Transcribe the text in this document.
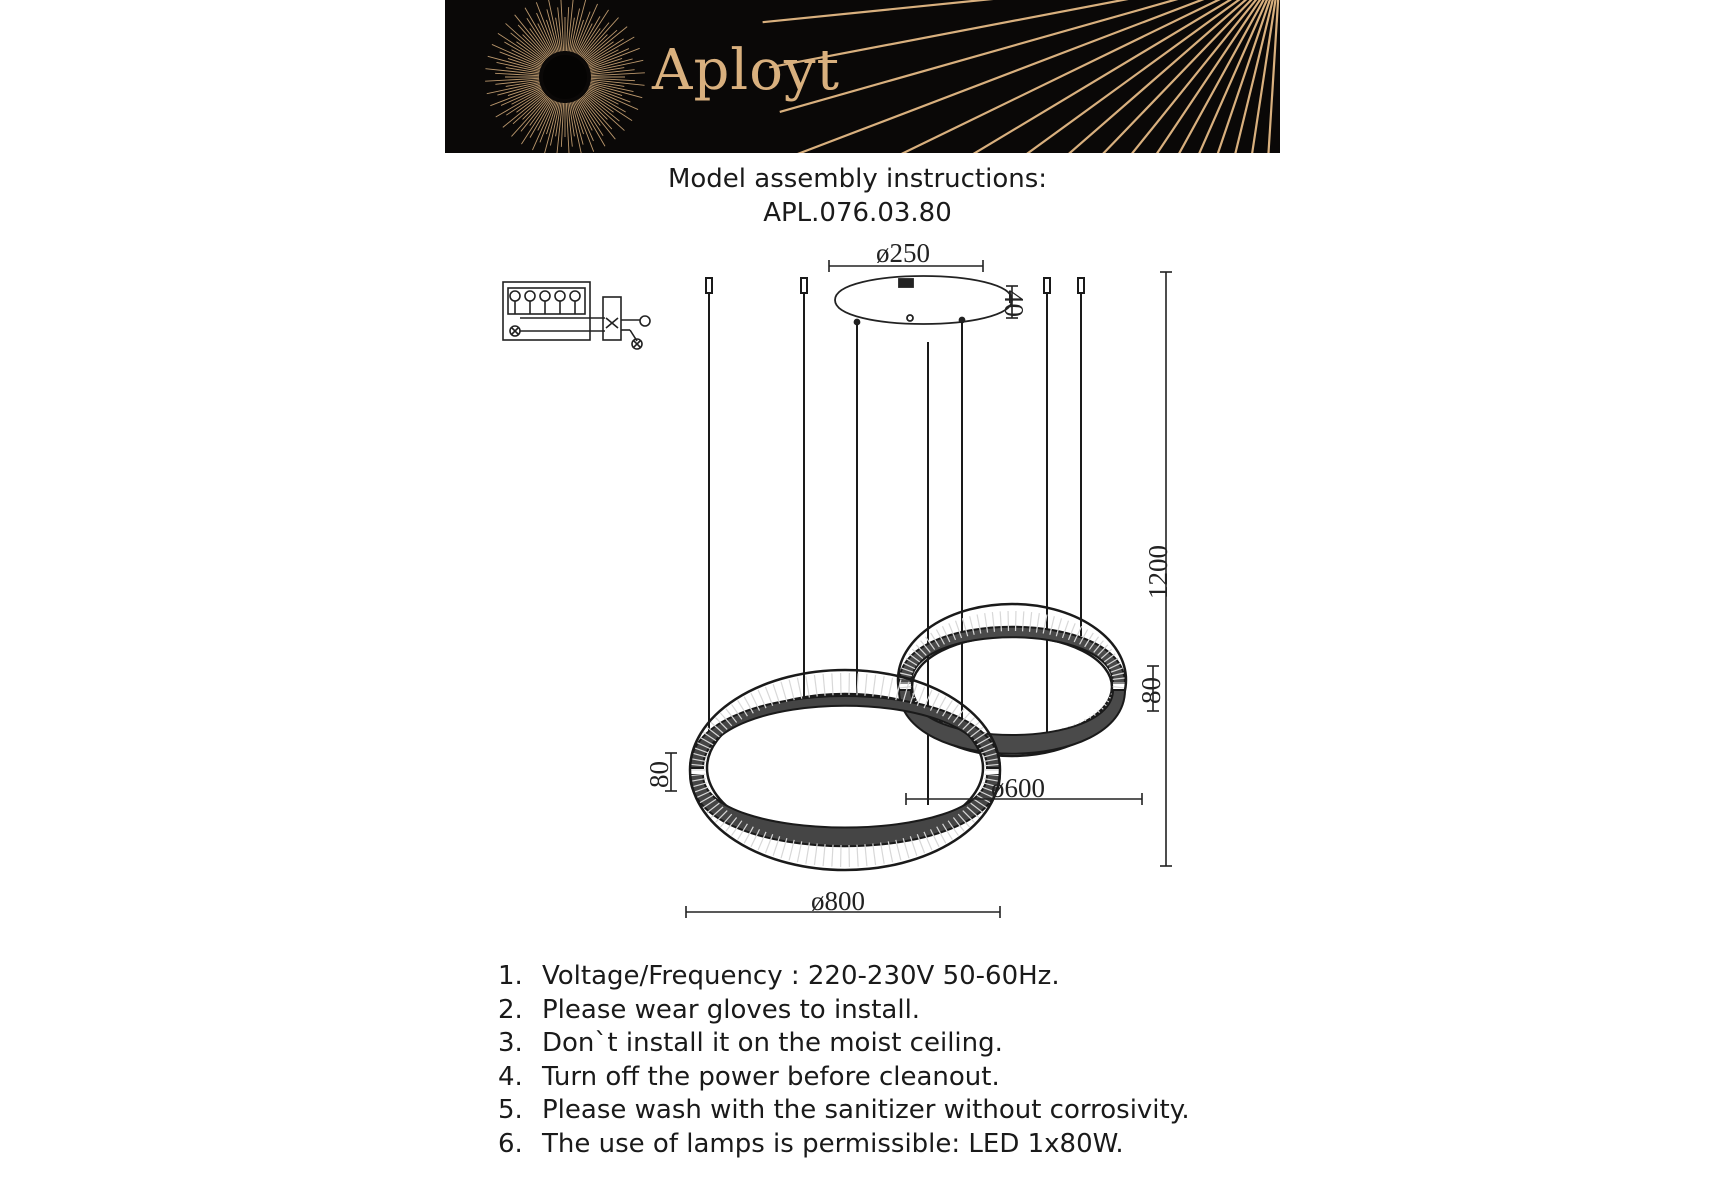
Aployt
Model assembly instructions:
APL.076.03.80
ø250
40
1200
80
80	ø600
ø800
1. Voltage/Frequency : 220-230V 50-60Hz.
2. Please wear gloves to install.
3. Don`t install it on the moist ceiling.
4. Turn off the power before cleanout.
5. Please wash with the sanitizer without corrosivity.
6. The use of lamps is permissible: LED 1x80W.
